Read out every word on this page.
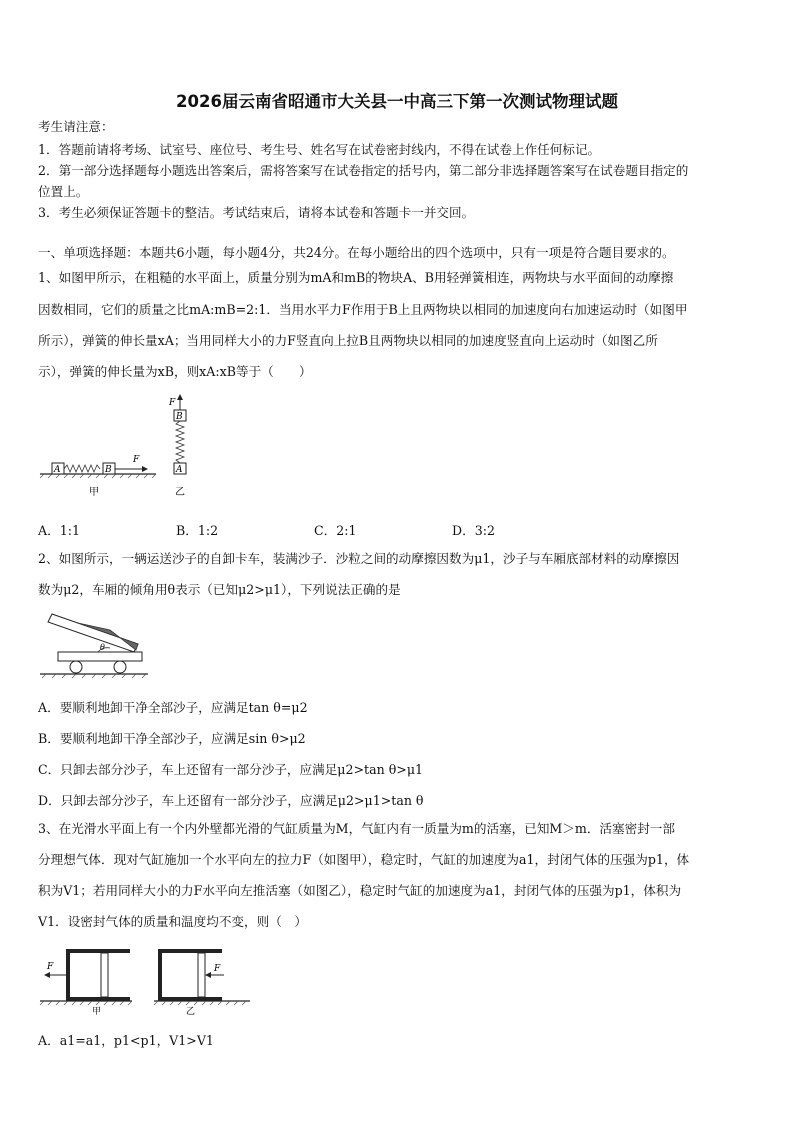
2026届云南省昭通市大关县一中高三下第一次测试物理试题
考生请注意：
1．答题前请将考场、试室号、座位号、考生号、姓名写在试卷密封线内，不得在试卷上作任何标记。
2．第一部分选择题每小题选出答案后，需将答案写在试卷指定的括号内，第二部分非选择题答案写在试卷题目指定的
位置上。
3．考生必须保证答题卡的整洁。考试结束后，请将本试卷和答题卡一并交回。
一、单项选择题：本题共6小题，每小题4分，共24分。在每小题给出的四个选项中，只有一项是符合题目要求的。
1、如图甲所示，在粗糙的水平面上，质量分别为mA和mB的物块A、B用轻弹簧相连，两物块与水平面间的动摩擦
因数相同，它们的质量之比mA:mB=2:1．当用水平力F作用于B上且两物块以相同的加速度向右加速运动时（如图甲
所示），弹簧的伸长量xA；当用同样大小的力F竖直向上拉B且两物块以相同的加速度竖直向上运动时（如图乙所
示），弹簧的伸长量为xB，则xA:xB等于（　　）
A	B
F
甲
F
B
A
乙
A．1:1	B．1:2	C．2:1	D．3:2
2、如图所示，一辆运送沙子的自卸卡车，装满沙子．沙粒之间的动摩擦因数为μ1，沙子与车厢底部材料的动摩擦因
数为μ2，车厢的倾角用θ表示（已知μ2>μ1），下列说法正确的是
θ
A．要顺利地卸干净全部沙子，应满足tan θ=μ2
B．要顺利地卸干净全部沙子，应满足sin θ>μ2
C．只卸去部分沙子，车上还留有一部分沙子，应满足μ2>tan θ>μ1
D．只卸去部分沙子，车上还留有一部分沙子，应满足μ2>μ1>tan θ
3、在光滑水平面上有一个内外壁都光滑的气缸质量为M，气缸内有一质量为m的活塞，已知M＞m．活塞密封一部
分理想气体．现对气缸施加一个水平向左的拉力F（如图甲），稳定时，气缸的加速度为a1，封闭气体的压强为p1，体
积为V1；若用同样大小的力F水平向左推活塞（如图乙），稳定时气缸的加速度为a1，封闭气体的压强为p1，体积为
V1．设密封气体的质量和温度均不变，则（　）
F
甲
F
乙
A．a1=a1，p1<p1，V1>V1
